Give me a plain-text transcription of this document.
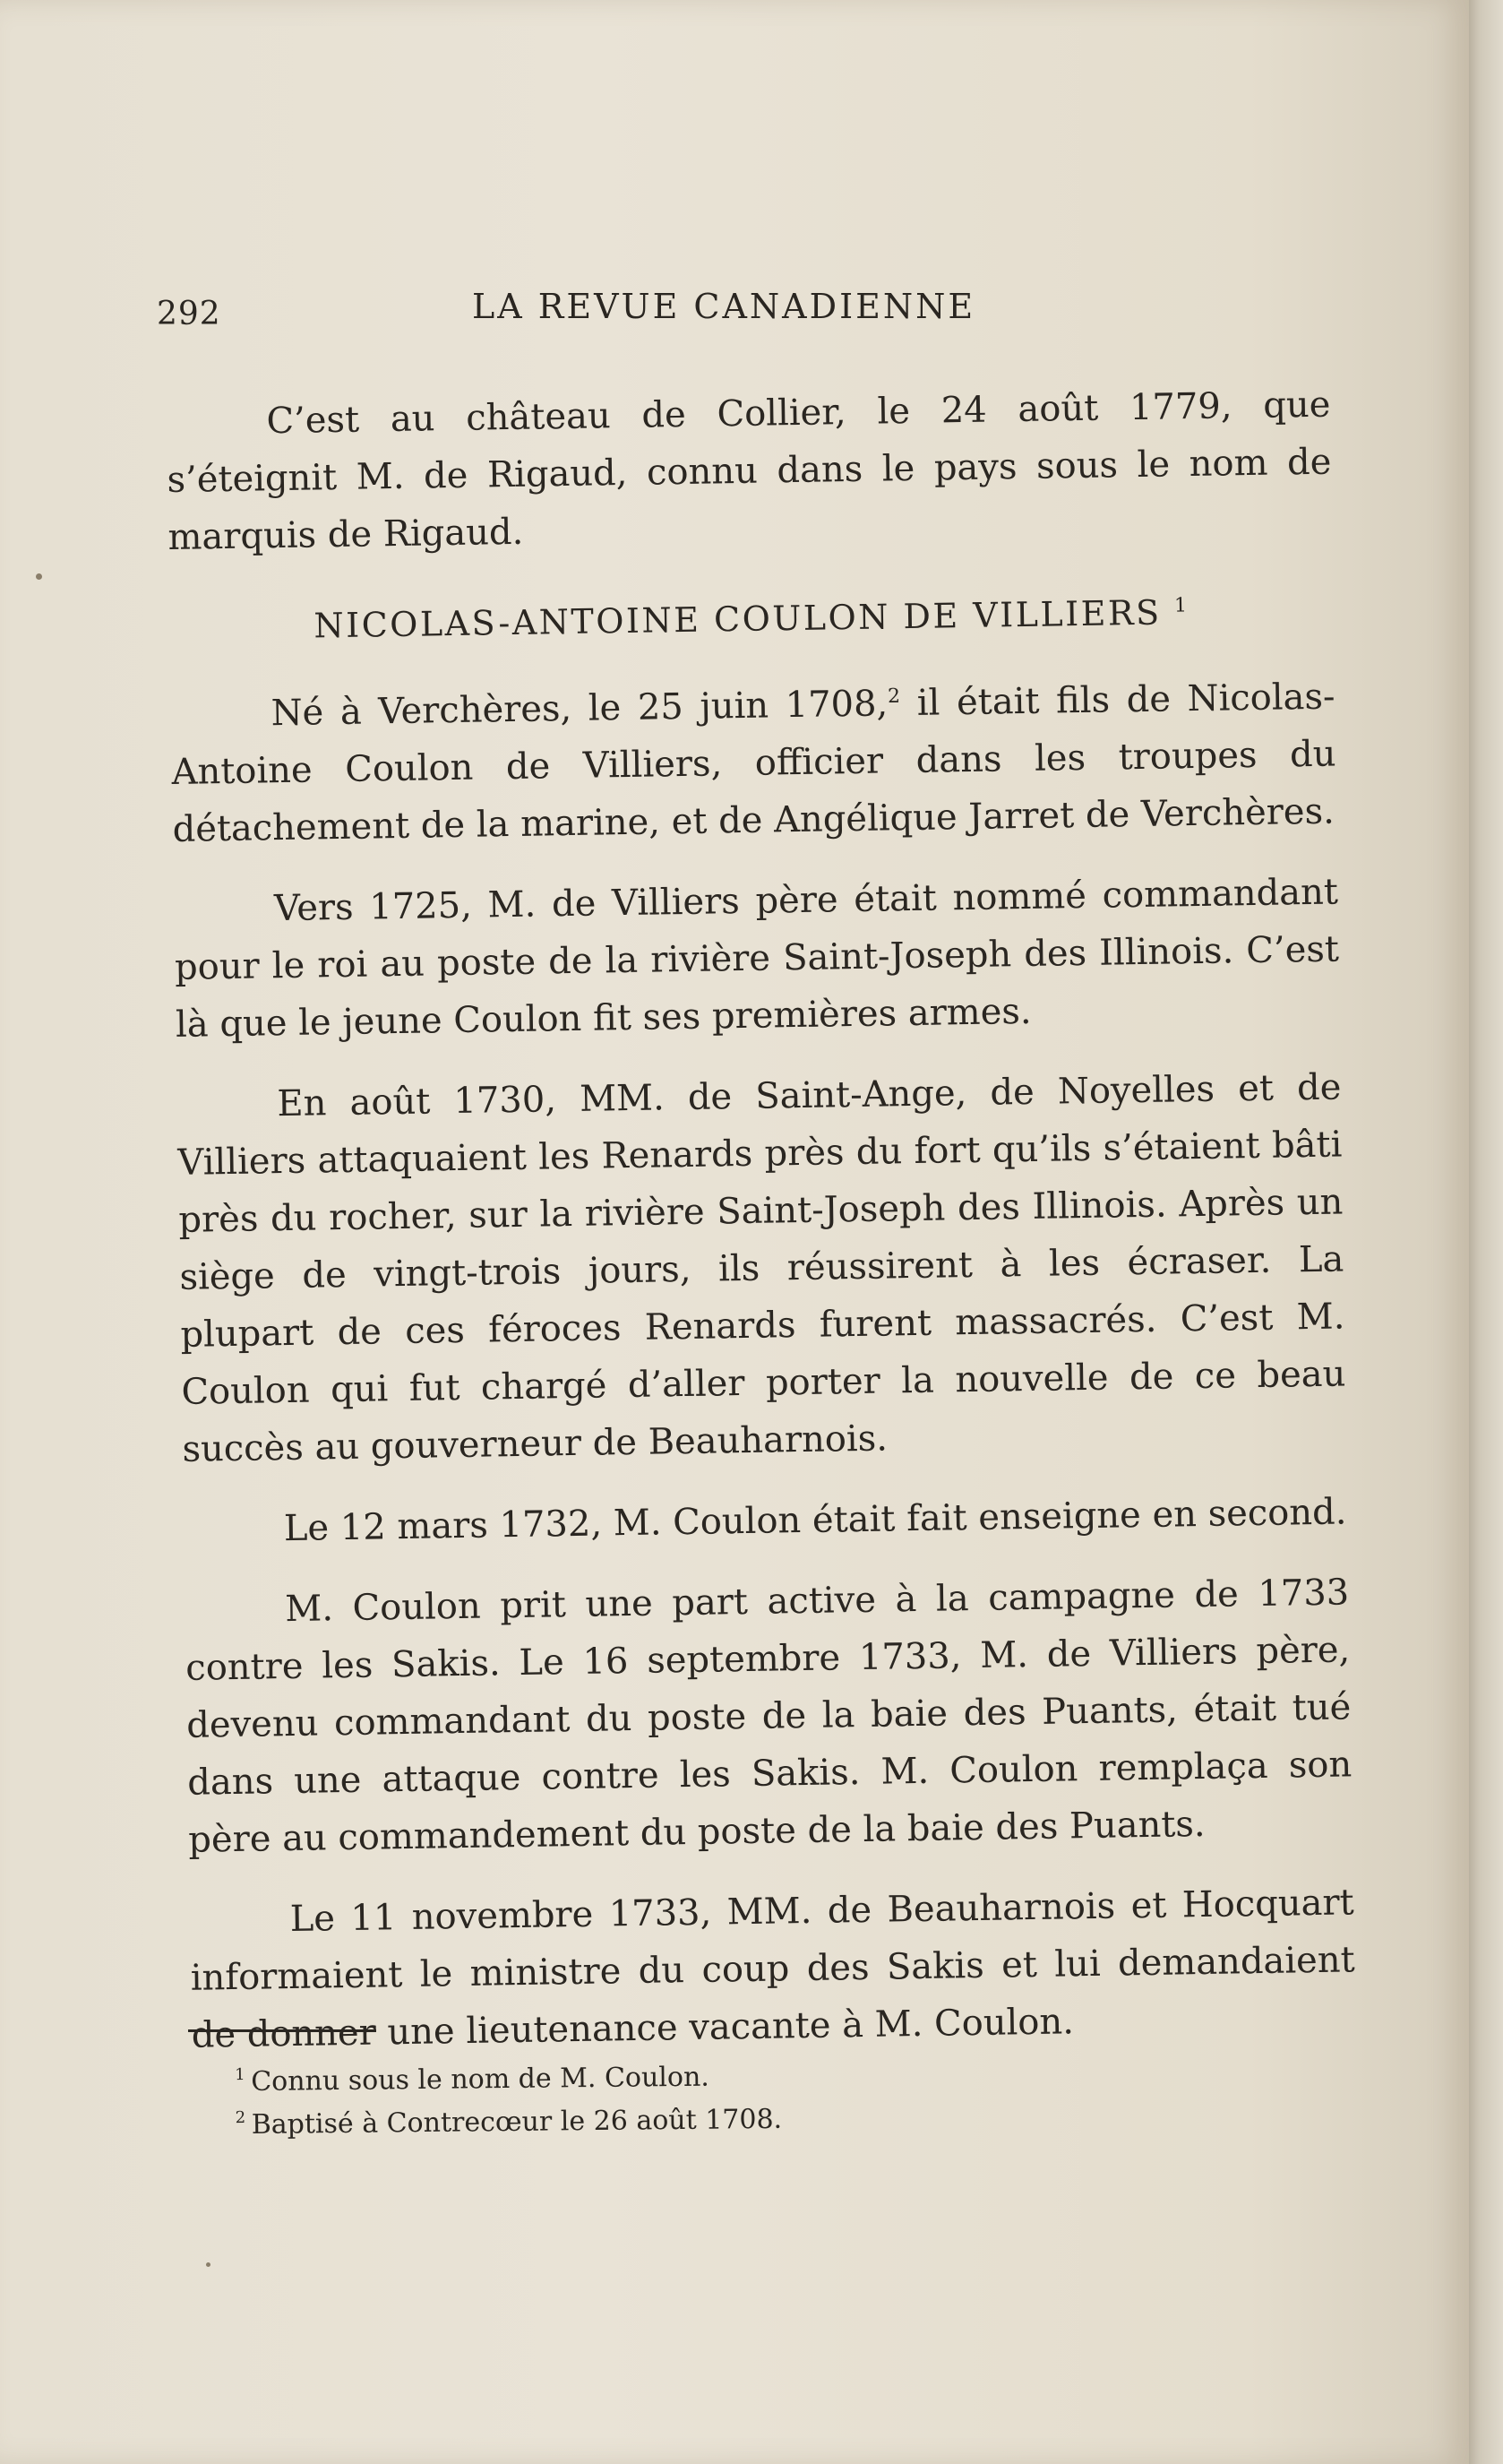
292	LA REVUE CANADIENNE

C’est au château de Collier, le 24 août 1779, que s’éteignit M. de Rigaud, connu dans le pays sous le nom de marquis de Rigaud.

NICOLAS-ANTOINE COULON DE VILLIERS $^1$

Né à Verchères, le 25 juin 1708,$^2$ il était fils de Nicolas-Antoine Coulon de Villiers, officier dans les troupes du détachement de la marine, et de Angélique Jarret de Verchères.

Vers 1725, M. de Villiers père était nommé commandant pour le roi au poste de la rivière Saint-Joseph des Illinois. C’est là que le jeune Coulon fit ses premières armes.

En août 1730, MM. de Saint-Ange, de Noyelles et de Villiers attaquaient les Renards près du fort qu’ils s’étaient bâti près du rocher, sur la rivière Saint-Joseph des Illinois. Après un siège de vingt-trois jours, ils réussirent à les écraser. La plupart de ces féroces Renards furent massacrés. C’est M. Coulon qui fut chargé d’aller porter la nouvelle de ce beau succès au gouverneur de Beauharnois.

Le 12 mars 1732, M. Coulon était fait enseigne en second.

M. Coulon prit une part active à la campagne de 1733 contre les Sakis. Le 16 septembre 1733, M. de Villiers père, devenu commandant du poste de la baie des Puants, était tué dans une attaque contre les Sakis. M. Coulon remplaça son père au commandement du poste de la baie des Puants.

Le 11 novembre 1733, MM. de Beauharnois et Hocquart informaient le ministre du coup des Sakis et lui demandaient de donner une lieutenance vacante à M. Coulon.

1 Connu sous le nom de M. Coulon.
2 Baptisé à Contrecœur le 26 août 1708.
